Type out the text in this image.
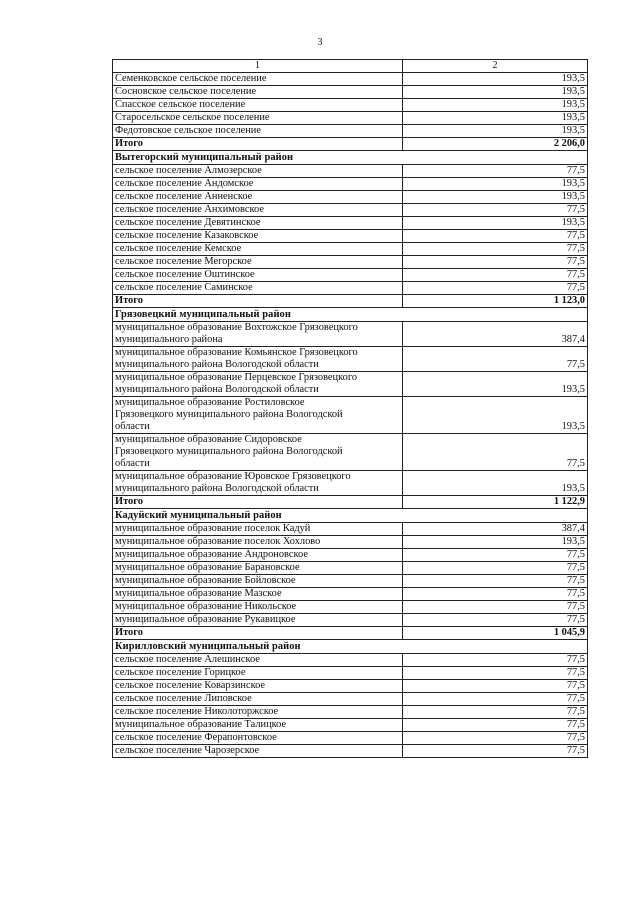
3
1	2
Семенковское сельское поселение	193,5
Сосновское сельское поселение	193,5
Спасское сельское поселение	193,5
Старосельское сельское поселение	193,5
Федотовское сельское поселение	193,5
Итого	2 206,0
Вытегорский муниципальный район	
сельское поселение Алмозерское	77,5
сельское поселение Андомское	193,5
сельское поселение Анненское	193,5
сельское поселение Анхимовское	77,5
сельское поселение Девятинское	193,5
сельское поселение Казаковское	77,5
сельское поселение Кемское	77,5
сельское поселение Мегорское	77,5
сельское поселение Оштинское	77,5
сельское поселение Саминское	77,5
Итого	1 123,0
Грязовецкий муниципальный район	

муниципальное образование Вохтожское Грязовецкого
муниципального района	387,4

муниципальное образование Комьянское Грязовецкого
муниципального района Вологодской области	77,5

муниципальное образование Перцевское Грязовецкого
муниципального района Вологодской области	193,5

муниципальное образование Ростиловское
Грязовецкого муниципального района Вологодской
области	193,5

муниципальное образование Сидоровское
Грязовецкого муниципального района Вологодской
области	77,5

муниципальное образование Юровское Грязовецкого
муниципального района Вологодской области	193,5
Итого	1 122,9
Кадуйский муниципальный район	
муниципальное образование поселок Кадуй	387,4
муниципальное образование поселок Хохлово	193,5
муниципальное образование Андроновское	77,5
муниципальное образование Барановское	77,5
муниципальное образование Бойловское	77,5
муниципальное образование Мазское	77,5
муниципальное образование Никольское	77,5
муниципальное образование Рукавицкое	77,5
Итого	1 045,9
Кирилловский муниципальный район	
сельское поселение Алешинское	77,5
сельское поселение Горицкое	77,5
сельское поселение Коварзинское	77,5
сельское поселение Липовское	77,5
сельское поселение Николоторжское	77,5
муниципальное образование Талицкое	77,5
сельское поселение Ферапонтовское	77,5
сельское поселение Чарозерское	77,5
